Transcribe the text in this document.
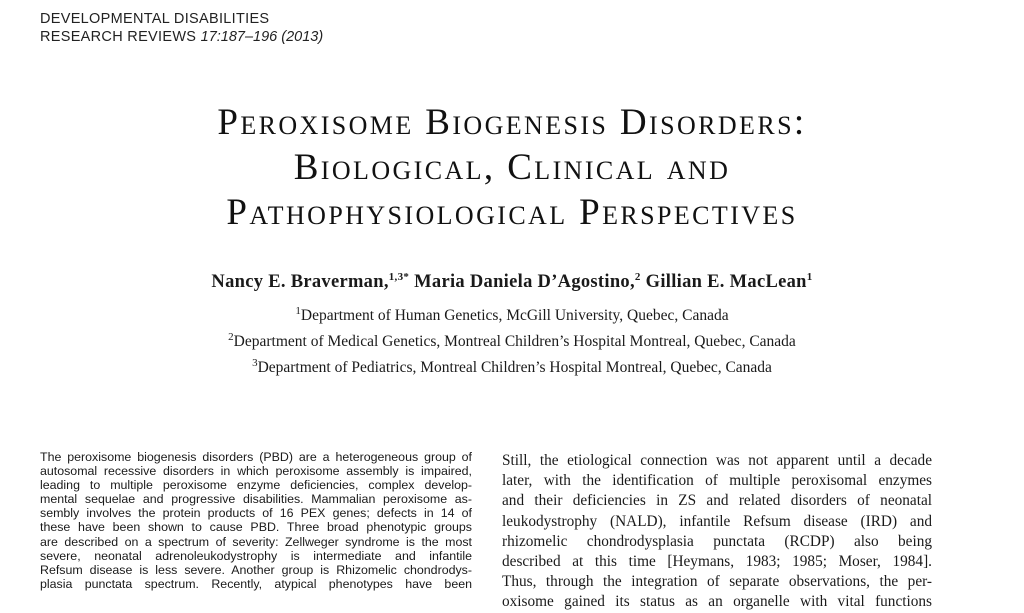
DEVELOPMENTAL DISABILITIES
RESEARCH REVIEWS 17:187–196 (2013)
Peroxisome Biogenesis Disorders:
Biological, Clinical and
Pathophysiological Perspectives
Nancy E. Braverman,$^{1,3*}$ Maria Daniela D’Agostino,$^2$ Gillian E. MacLean$^1$
$^1$Department of Human Genetics, McGill University, Quebec, Canada
$^2$Department of Medical Genetics, Montreal Children’s Hospital Montreal, Quebec, Canada
$^3$Department of Pediatrics, Montreal Children’s Hospital Montreal, Quebec, Canada
The peroxisome biogenesis disorders (PBD) are a heterogeneous group of
autosomal recessive disorders in which peroxisome assembly is impaired,
leading to multiple peroxisome enzyme deficiencies, complex develop-
mental sequelae and progressive disabilities. Mammalian peroxisome as-
sembly involves the protein products of 16 PEX genes; defects in 14 of
these have been shown to cause PBD. Three broad phenotypic groups
are described on a spectrum of severity: Zellweger syndrome is the most
severe, neonatal adrenoleukodystrophy is intermediate and infantile
Refsum disease is less severe. Another group is Rhizomelic chondrodys-
plasia punctata spectrum. Recently, atypical phenotypes have been
Still, the etiological connection was not apparent until a decade
later, with the identification of multiple peroxisomal enzymes
and their deficiencies in ZS and related disorders of neonatal
leukodystrophy (NALD), infantile Refsum disease (IRD) and
rhizomelic chondrodysplasia punctata (RCDP) also being
described at this time [Heymans, 1983; 1985; Moser, 1984].
Thus, through the integration of separate observations, the per-
oxisome gained its status as an organelle with vital functions
